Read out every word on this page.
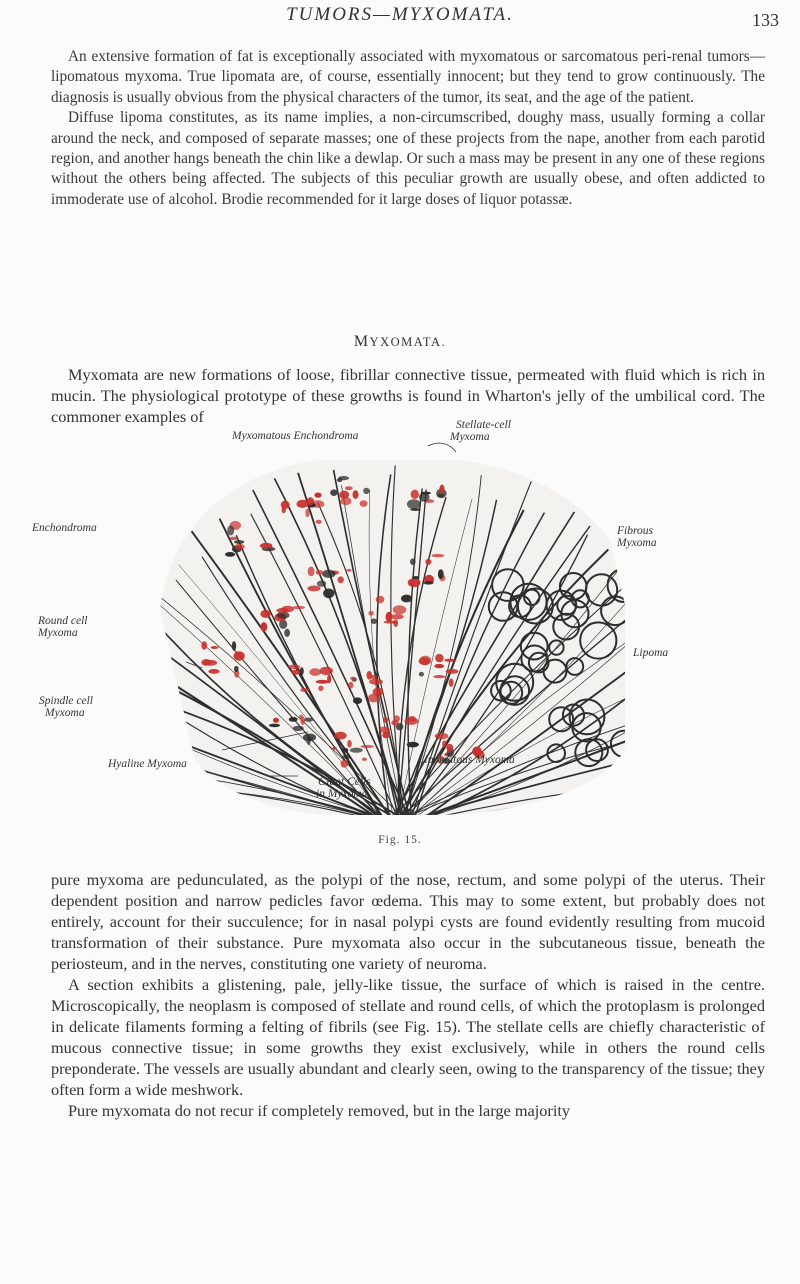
TUMORS—MYXOMATA.	133

An extensive formation of fat is exceptionally associated with myxomatous or sarcomatous peri-renal tumors—lipomatous myxoma. True lipomata are, of course, essentially innocent; but they tend to grow continuously. The diagnosis is usually obvious from the physical characters of the tumor, its seat, and the age of the patient.

Diffuse lipoma constitutes, as its name implies, a non-circumscribed, doughy mass, usually forming a collar around the neck, and composed of separate masses; one of these projects from the nape, another from each parotid region, and another hangs beneath the chin like a dewlap. Or such a mass may be present in any one of these regions without the others being affected. The subjects of this peculiar growth are usually obese, and often addicted to immoderate use of alcohol. Brodie recommended for it large doses of liquor potassæ.

MYXOMATA.

Myxomata are new formations of loose, fibrillar connective tissue, permeated with fluid which is rich in mucin. The physiological prototype of these growths is found in Wharton's jelly of the umbilical cord. The commoner examples of

Myxomatous Enchondroma
Stellate-cell
Myxoma
Enchondroma	Fibrous
Myxoma
Round cell
Myxoma
Lipoma
Spindle cell
Myxoma
Hyaline Myxoma	Lipomatous Myxoma
Giant Cells
in Myxoma
Fig. 15.

pure myxoma are pedunculated, as the polypi of the nose, rectum, and some polypi of the uterus. Their dependent position and narrow pedicles favor œdema. This may to some extent, but probably does not entirely, account for their succulence; for in nasal polypi cysts are found evidently resulting from mucoid transformation of their substance. Pure myxomata also occur in the subcutaneous tissue, beneath the periosteum, and in the nerves, constituting one variety of neuroma.

A section exhibits a glistening, pale, jelly-like tissue, the surface of which is raised in the centre. Microscopically, the neoplasm is composed of stellate and round cells, of which the protoplasm is prolonged in delicate filaments forming a felting of fibrils (see Fig. 15). The stellate cells are chiefly characteristic of mucous connective tissue; in some growths they exist exclusively, while in others the round cells preponderate. The vessels are usually abundant and clearly seen, owing to the transparency of the tissue; they often form a wide meshwork.

Pure myxomata do not recur if completely removed, but in the large majority
